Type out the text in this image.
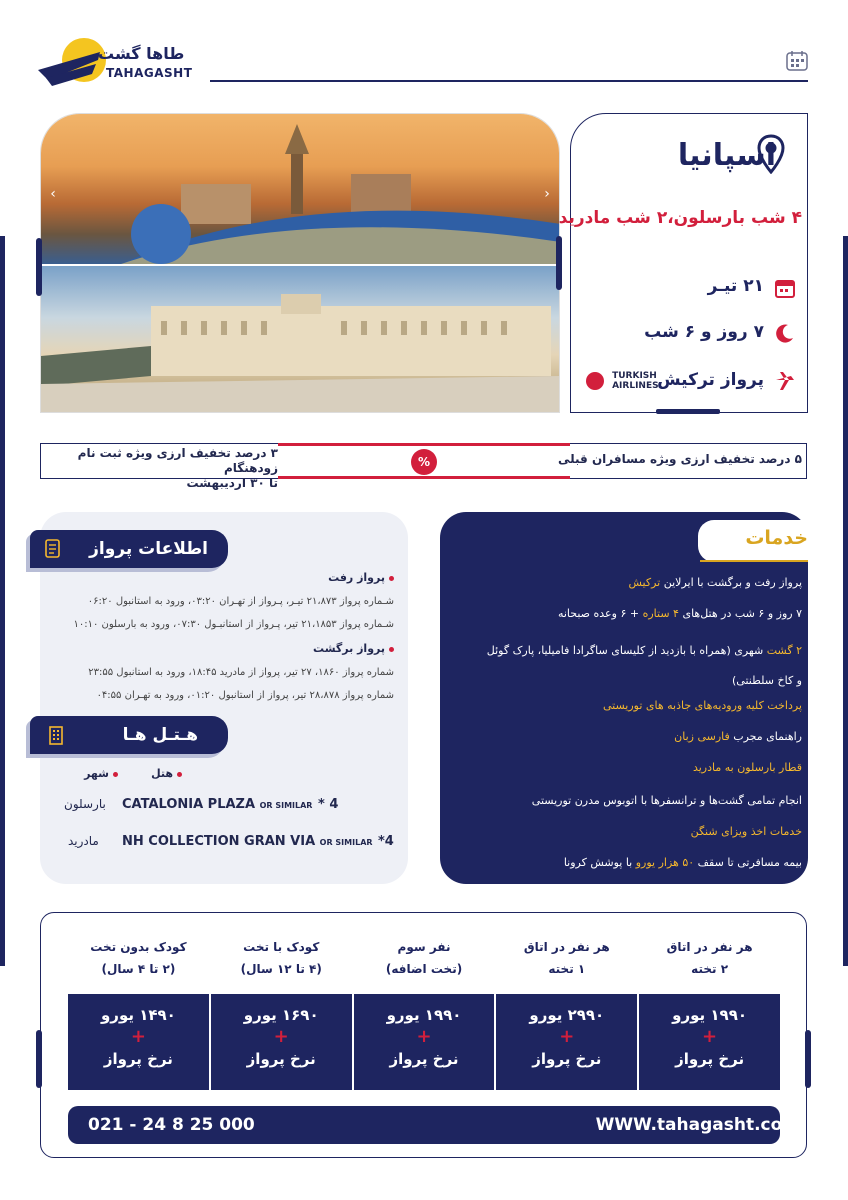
طاها گشت
TAHAGASHT
‹	›
اسپانیا
۴ شب بارسلون،۲ شب مادرید
۲۱ تیـر
۷ روز و ۶ شب
پرواز ترکیش
TURKISH
AIRLINES
۵ درصد تخفیف ارزی ویژه مسافران قبلی
۳ درصد تخفیف ارزی ویژه ثبت نام زودهنگام
تا ۳۰ اردیبهشت
%
اطلاعات پرواز
پرواز رفت
شـماره پرواز ۲۱،۸۷۳ تیـر، پـرواز از تهـران ۰۳:۲۰، ورود به استانبول ۰۶:۲۰
شـماره پرواز ۲۱،۱۸۵۳ تیر، پـرواز از استانبـول ۰۷:۳۰، ورود به بارسلون ۱۰:۱۰
پرواز برگشت
شماره پرواز ۱۸۶۰، ۲۷ تیر، پرواز از مادرید ۱۸:۴۵، ورود به استانبول ۲۳:۵۵
شماره پرواز ۲۸،۸۷۸ تیر، پرواز از استانبول ۰۱:۲۰، ورود به تهـران ۰۴:۵۵
هـتـل هـا
هتل
شهر
CATALONIA PLAZA OR SIMILAR * 4
بارسلون
NH COLLECTION GRAN VIA OR SIMILAR *4
مادرید
خدمات
✈
پرواز رفت و برگشت با ایرلاین ترکیش
⌂
۷ روز و ۶ شب در هتل‌های ۴ ستاره + ۶ وعده صبحانه
◉
۲ گشت شهری (همراه با بازدید از کلیسای ساگرادا فامیلیا، پارک گوئل و کاخ سلطنتی)
▤
پرداخت کلیه ورودیه‌های جاذبه های توریستی
☺
راهنمای مجرب فارسی زبان
▣
قطار بارسلون به مادرید
■
انجام تمامی گشت‌ها و ترانسفرها با اتوبوس مدرن توریستی
▥
خدمات اخذ ویزای شنگن
◆
بیمه مسافرتی تا سقف ۵۰ هزار یورو با پوشش کرونا
هر نفر در اتاق
۲ تخته
هر نفر در اتاق
۱ تخته
نفر سوم
(تخت اضافه)
کودک با تخت
(۴ تا ۱۲ سال)
کودک بدون تخت
(۲ تا ۴ سال)
۱۹۹۰ یورو
+
نرخ پرواز
۲۹۹۰ یورو
+
نرخ پرواز
۱۹۹۰ یورو
+
نرخ پرواز
۱۶۹۰ یورو
+
نرخ پرواز
۱۴۹۰ یورو
+
نرخ پرواز
WWW.tahagasht.com
021 - 24 8 25 000
